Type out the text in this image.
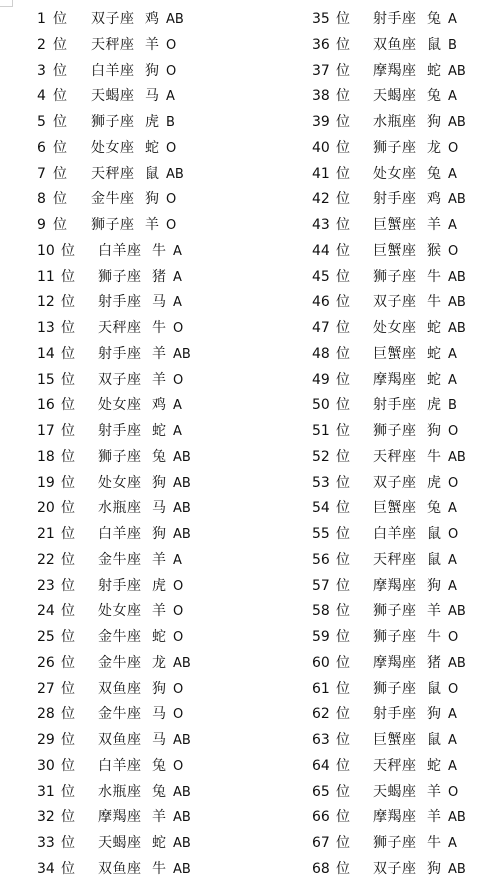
1 位 双子座 鸡 AB
2 位 天秤座 羊 O
3 位 白羊座 狗 O
4 位 天蝎座 马 A
5 位 狮子座 虎 B
6 位 处女座 蛇 O
7 位 天秤座 鼠 AB
8 位 金牛座 狗 O
9 位 狮子座 羊 O
10 位 白羊座 牛 A
11 位 狮子座 猪 A
12 位 射手座 马 A
13 位 天秤座 牛 O
14 位 射手座 羊 AB
15 位 双子座 羊 O
16 位 处女座 鸡 A
17 位 射手座 蛇 A
18 位 狮子座 兔 AB
19 位 处女座 狗 AB
20 位 水瓶座 马 AB
21 位 白羊座 狗 AB
22 位 金牛座 羊 A
23 位 射手座 虎 O
24 位 处女座 羊 O
25 位 金牛座 蛇 O
26 位 金牛座 龙 AB
27 位 双鱼座 狗 O
28 位 金牛座 马 O
29 位 双鱼座 马 AB
30 位 白羊座 兔 O
31 位 水瓶座 兔 AB
32 位 摩羯座 羊 AB
33 位 天蝎座 蛇 AB
34 位 双鱼座 牛 AB
35 位 射手座 兔 A
36 位 双鱼座 鼠 B
37 位 摩羯座 蛇 AB
38 位 天蝎座 兔 A
39 位 水瓶座 狗 AB
40 位 狮子座 龙 O
41 位 处女座 兔 A
42 位 射手座 鸡 AB
43 位 巨蟹座 羊 A
44 位 巨蟹座 猴 O
45 位 狮子座 牛 AB
46 位 双子座 牛 AB
47 位 处女座 蛇 AB
48 位 巨蟹座 蛇 A
49 位 摩羯座 蛇 A
50 位 射手座 虎 B
51 位 狮子座 狗 O
52 位 天秤座 牛 AB
53 位 双子座 虎 O
54 位 巨蟹座 兔 A
55 位 白羊座 鼠 O
56 位 天秤座 鼠 A
57 位 摩羯座 狗 A
58 位 狮子座 羊 AB
59 位 狮子座 牛 O
60 位 摩羯座 猪 AB
61 位 狮子座 鼠 O
62 位 射手座 狗 A
63 位 巨蟹座 鼠 A
64 位 天秤座 蛇 A
65 位 天蝎座 羊 O
66 位 摩羯座 羊 AB
67 位 狮子座 牛 A
68 位 双子座 狗 AB
